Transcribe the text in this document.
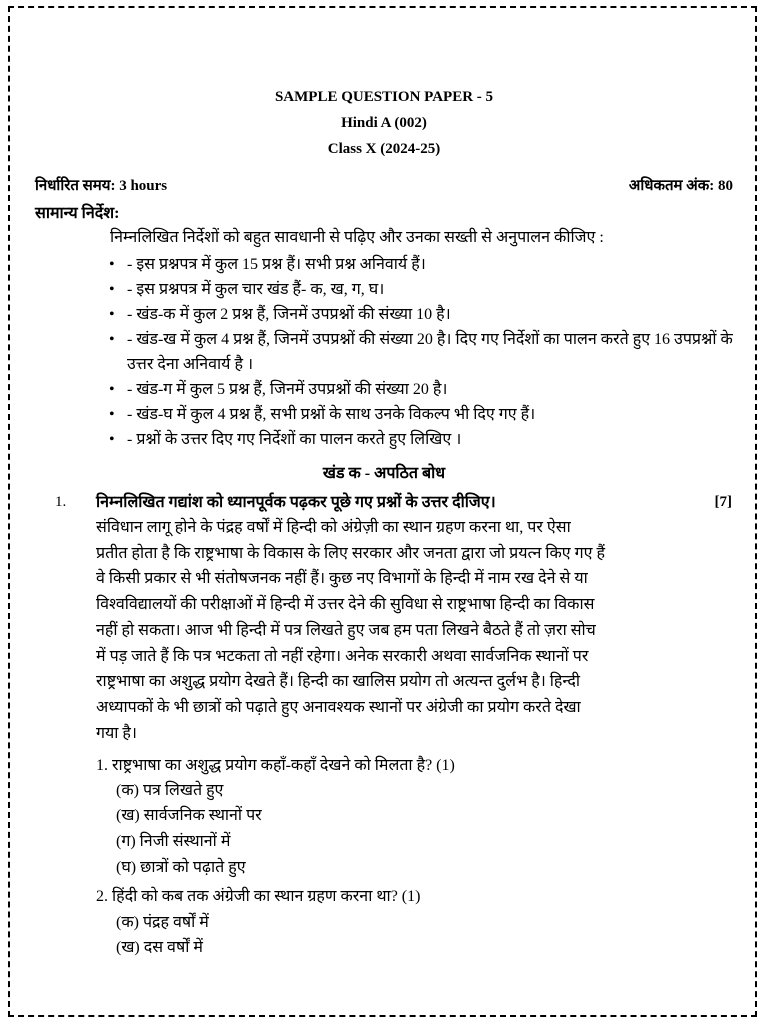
SAMPLE QUESTION PAPER - 5
Hindi A (002)
Class X (2024-25)
निर्धारित समय: 3 hours	अधिकतम अंक: 80
सामान्य निर्देश:
निम्नलिखित निर्देशों को बहुत सावधानी से पढ़िए और उनका सख्ती से अनुपालन कीजिए :
• - इस प्रश्नपत्र में कुल 15 प्रश्न हैं। सभी प्रश्न अनिवार्य हैं।
• - इस प्रश्नपत्र में कुल चार खंड हैं- क, ख, ग, घ।
• - खंड-क में कुल 2 प्रश्न हैं, जिनमें उपप्रश्नों की संख्या 10 है।
• - खंड-ख में कुल 4 प्रश्न हैं, जिनमें उपप्रश्नों की संख्या 20 है। दिए गए निर्देशों का पालन करते हुए 16 उपप्रश्नों के उत्तर देना अनिवार्य है ।
• - खंड-ग में कुल 5 प्रश्न हैं, जिनमें उपप्रश्नों की संख्या 20 है।
• - खंड-घ में कुल 4 प्रश्न हैं, सभी प्रश्नों के साथ उनके विकल्प भी दिए गए हैं।
• - प्रश्नों के उत्तर दिए गए निर्देशों का पालन करते हुए लिखिए ।
खंड क - अपठित बोध
1. निम्नलिखित गद्यांश को ध्यानपूर्वक पढ़कर पूछे गए प्रश्नों के उत्तर दीजिए।	[7]
संविधान लागू होने के पंद्रह वर्षों में हिन्दी को अंग्रेज़ी का स्थान ग्रहण करना था, पर ऐसा
प्रतीत होता है कि राष्ट्रभाषा के विकास के लिए सरकार और जनता द्वारा जो प्रयत्न किए गए हैं
वे किसी प्रकार से भी संतोषजनक नहीं हैं। कुछ नए विभागों के हिन्दी में नाम रख देने से या
विश्वविद्यालयों की परीक्षाओं में हिन्दी में उत्तर देने की सुविधा से राष्ट्रभाषा हिन्दी का विकास
नहीं हो सकता। आज भी हिन्दी में पत्र लिखते हुए जब हम पता लिखने बैठते हैं तो ज़रा सोच
में पड़ जाते हैं कि पत्र भटकता तो नहीं रहेगा। अनेक सरकारी अथवा सार्वजनिक स्थानों पर
राष्ट्रभाषा का अशुद्ध प्रयोग देखते हैं। हिन्दी का खालिस प्रयोग तो अत्यन्त दुर्लभ है। हिन्दी
अध्यापकों के भी छात्रों को पढ़ाते हुए अनावश्यक स्थानों पर अंग्रेजी का प्रयोग करते देखा
गया है।
1. राष्ट्रभाषा का अशुद्ध प्रयोग कहाँ-कहाँ देखने को मिलता है? (1)
(क) पत्र लिखते हुए
(ख) सार्वजनिक स्थानों पर
(ग) निजी संस्थानों में
(घ) छात्रों को पढ़ाते हुए
2. हिंदी को कब तक अंग्रेजी का स्थान ग्रहण करना था? (1)
(क) पंद्रह वर्षों में
(ख) दस वर्षों में
